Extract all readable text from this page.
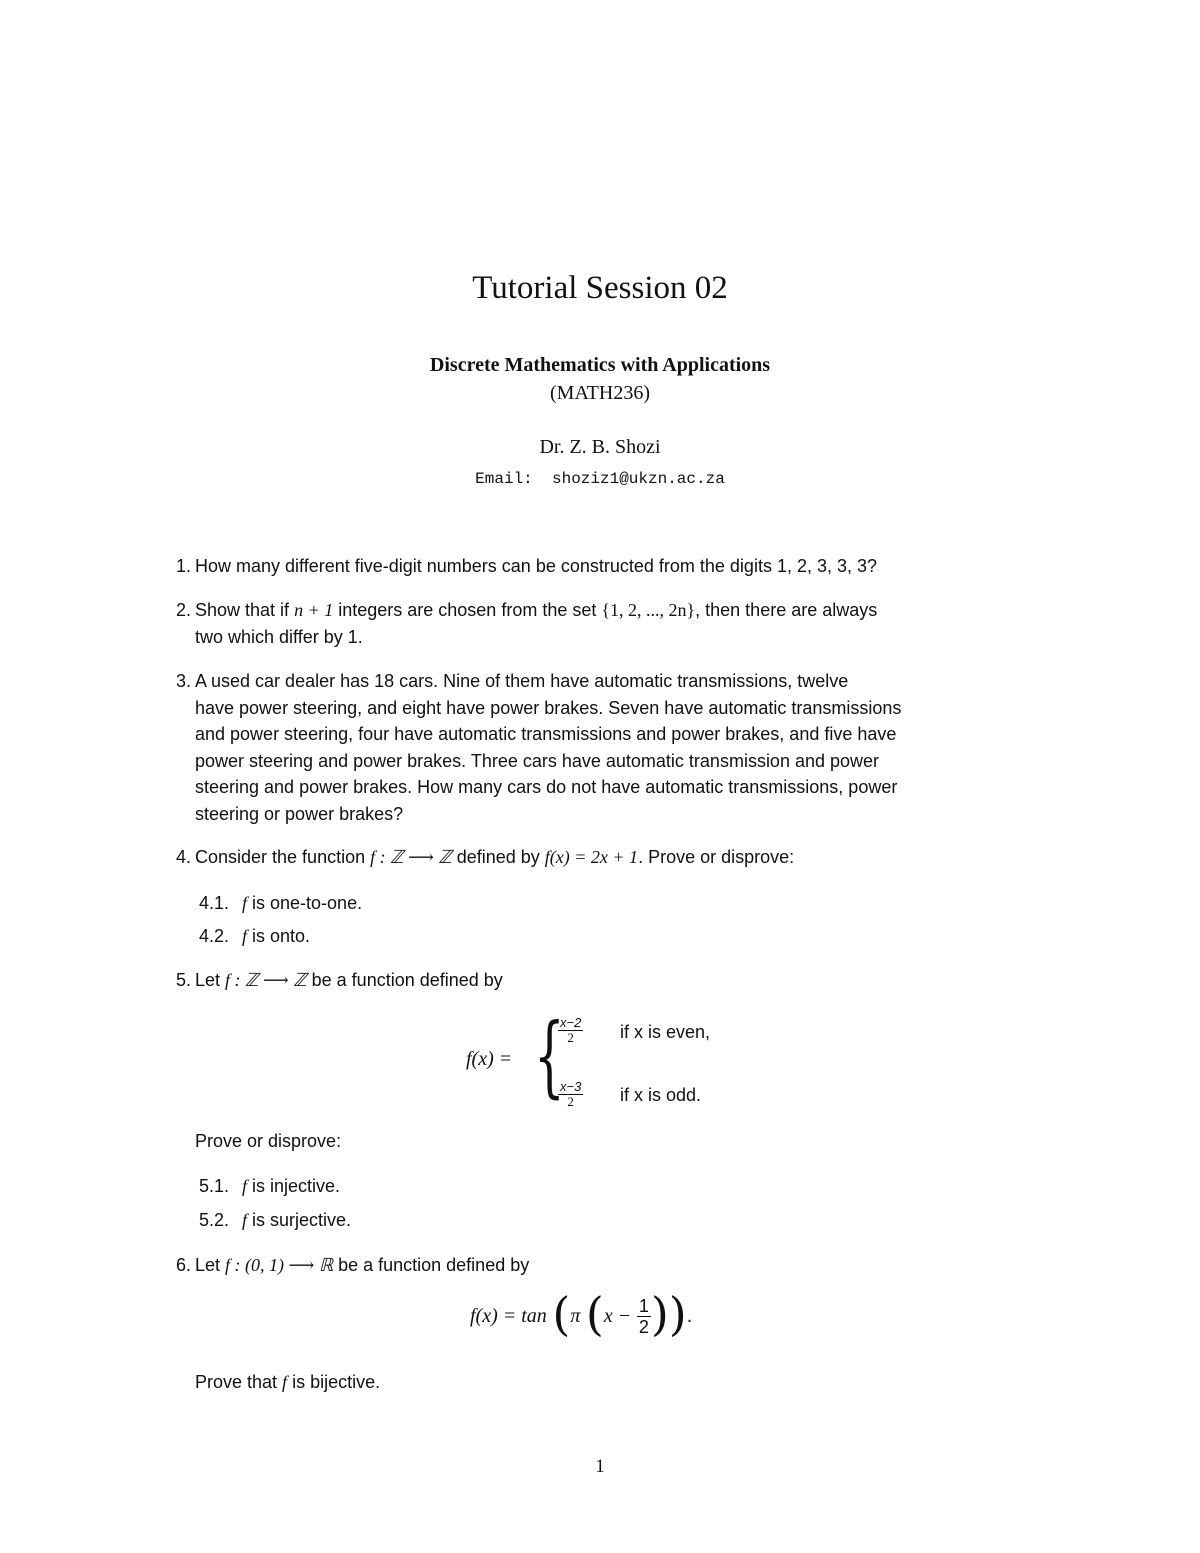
Tutorial Session 02
Discrete Mathematics with Applications
(MATH236)
Dr. Z. B. Shozi
Email: shoziz1@ukzn.ac.za
1. How many different five-digit numbers can be constructed from the digits 1, 2, 3, 3, 3?
2. Show that if n + 1 integers are chosen from the set {1, 2, ..., 2n}, then there are always
two which differ by 1.
3. A used car dealer has 18 cars. Nine of them have automatic transmissions, twelve
have power steering, and eight have power brakes. Seven have automatic transmissions
and power steering, four have automatic transmissions and power brakes, and five have
power steering and power brakes. Three cars have automatic transmission and power
steering and power brakes. How many cars do not have automatic transmissions, power
steering or power brakes?
4. Consider the function f : ℤ ⟶ ℤ defined by f(x) = 2x + 1. Prove or disprove:
4.1. f is one-to-one.
4.2. f is onto.
5. Let f : ℤ ⟶ ℤ be a function defined by
f(x) = {
$\frac{x-2}{2}$ if x is even,
$\frac{x-3}{2}$ if x is odd.
Prove or disprove:
5.1. f is injective.
5.2. f is surjective.
6. Let f : (0, 1) ⟶ ℝ be a function defined by
f(x) = tan (π ($x - \frac{1}{2}$ )).
Prove that f is bijective.
1
